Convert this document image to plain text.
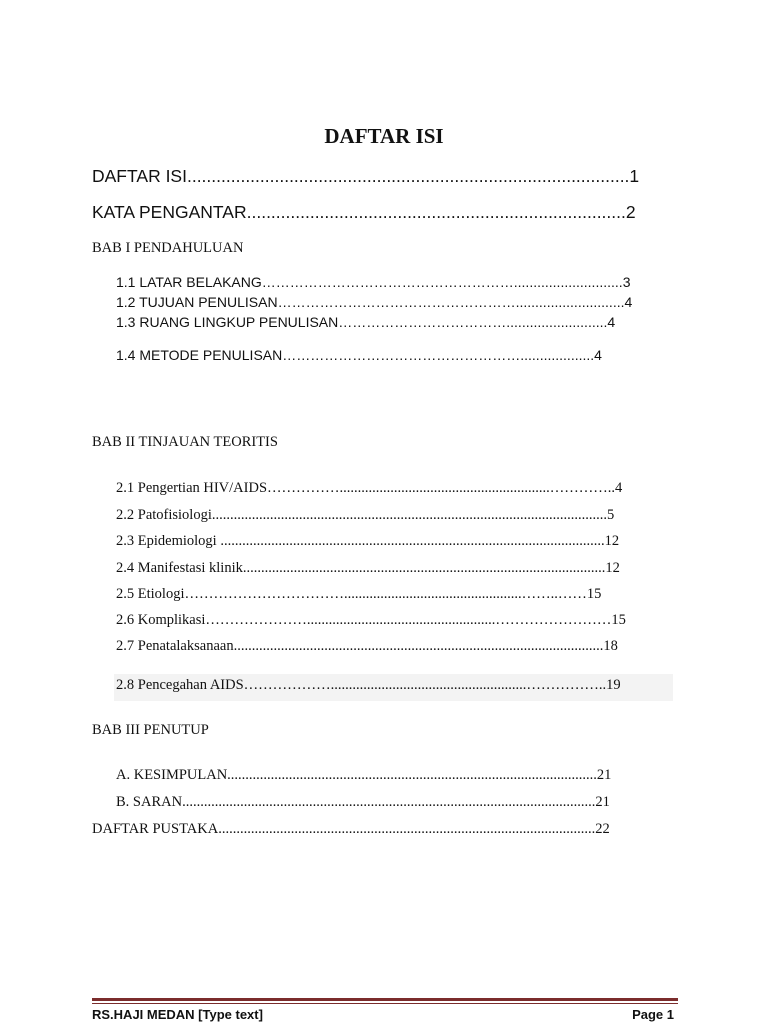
DAFTAR ISI
DAFTAR ISI...........................................................................................1
KATA PENGANTAR..............................................................................2
BAB I PENDAHULUAN
1.1 LATAR BELAKANG………………………………………………............................3
1.2 TUJUAN PENULISAN……………………………………………............................4
1.3 RUANG LINGKUP PENULISAN………………………………..........................4
1.4 METODE PENULISAN……………………………………………...................4
BAB II TINJAUAN TEORITIS
2.1 Pengertian HIV/AIDS……………..........................................................…………..4
2.2 Patofisiologi.............................................................................................................5
2.3 Epidemiologi ..........................................................................................................12
2.4 Manifestasi klinik....................................................................................................12
2.5 Etiologi…………………………….................................................……..……15
2.6 Komplikasi…………………....................................................……………………15
2.7 Penatalaksanaan......................................................................................................18
2.8 Pencegahan AIDS………………......................................................……………..19
BAB III PENUTUP
A. KESIMPULAN......................................................................................................21
B. SARAN..................................................................................................................21
DAFTAR PUSTAKA........................................................................................................22
RS.HAJI MEDAN [Type text]	Page 1
